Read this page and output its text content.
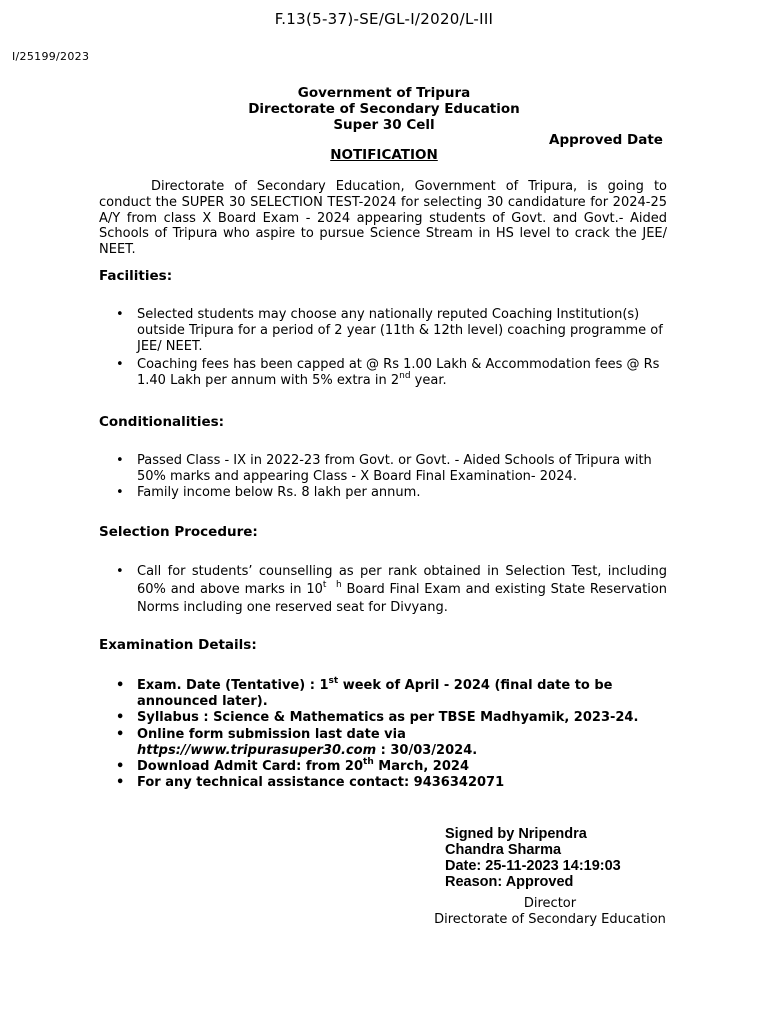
F.13(5-37)-SE/GL-I/2020/L-III
I/25199/2023
Government of Tripura
Directorate of Secondary Education
Super 30 Cell
Approved Date
NOTIFICATION
Directorate of Secondary Education, Government of Tripura, is going to conduct the SUPER 30 SELECTION TEST-2024 for selecting 30 candidature for 2024-25 A/Y from class X Board Exam - 2024 appearing students of Govt. and Govt.- Aided Schools of Tripura who aspire to pursue Science Stream in HS level to crack the JEE/ NEET.
Facilities:
• Selected students may choose any nationally reputed Coaching Institution(s) outside Tripura for a period of 2 year (11th & 12th level) coaching programme of JEE/ NEET.
• Coaching fees has been capped at @ Rs 1.00 Lakh & Accommodation fees @ Rs 1.40 Lakh per annum with 5% extra in 2nd year.
Conditionalities:
• Passed Class - IX in 2022-23 from Govt. or Govt. - Aided Schools of Tripura with 50% marks and appearing Class - X Board Final Examination- 2024.
• Family income below Rs. 8 lakh per annum.
Selection Procedure:
• Call for students’ counselling as per rank obtained in Selection Test, including 60% and above marks in 10$^t$ $^h$ Board Final Exam and existing State Reservation Norms including one reserved seat for Divyang.
Examination Details:
• Exam. Date (Tentative) : 1st week of April - 2024 (final date to be announced later).
• Syllabus : Science & Mathematics as per TBSE Madhyamik, 2023-24.
• Online form submission last date via
https://www.tripurasuper30.com : 30/03/2024.
• Download Admit Card: from 20th March, 2024
• For any technical assistance contact: 9436342071
Signed by Nripendra
Chandra Sharma
Date: 25-11-2023 14:19:03
Reason: Approved
Director
Directorate of Secondary Education
